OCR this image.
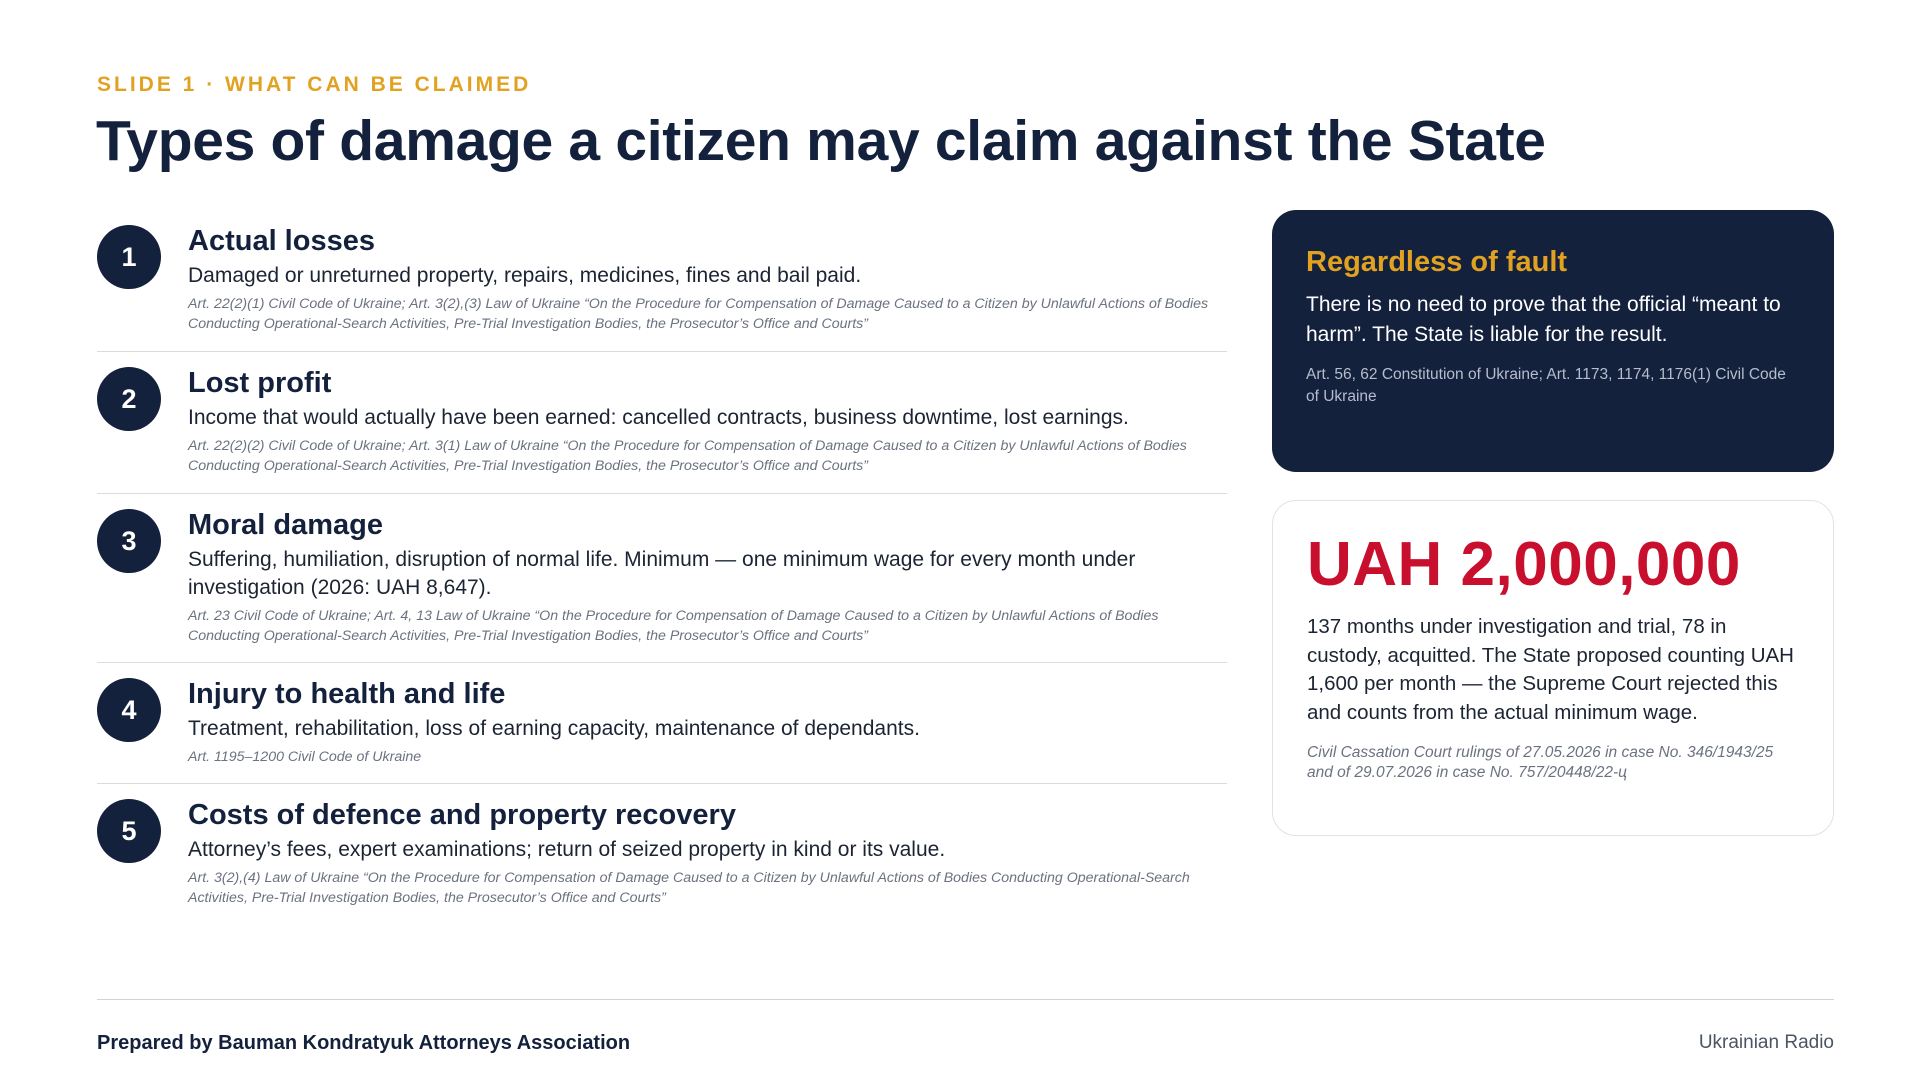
SLIDE 1 · WHAT CAN BE CLAIMED
Types of damage a citizen may claim against the State
1	Actual losses
Damaged or unreturned property, repairs, medicines, fines and bail paid.
Art. 22(2)(1) Civil Code of Ukraine; Art. 3(2),(3) Law of Ukraine “On the Procedure for Compensation of Damage Caused to a Citizen by Unlawful Actions of Bodies Conducting Operational-Search Activities, Pre-Trial Investigation Bodies, the Prosecutor’s Office and Courts”
2	Lost profit
Income that would actually have been earned: cancelled contracts, business downtime, lost earnings.
Art. 22(2)(2) Civil Code of Ukraine; Art. 3(1) Law of Ukraine “On the Procedure for Compensation of Damage Caused to a Citizen by Unlawful Actions of Bodies Conducting Operational-Search Activities, Pre-Trial Investigation Bodies, the Prosecutor’s Office and Courts”
3	Moral damage
Suffering, humiliation, disruption of normal life. Minimum — one minimum wage for every month under investigation (2026: UAH 8,647).
Art. 23 Civil Code of Ukraine; Art. 4, 13 Law of Ukraine “On the Procedure for Compensation of Damage Caused to a Citizen by Unlawful Actions of Bodies Conducting Operational-Search Activities, Pre-Trial Investigation Bodies, the Prosecutor’s Office and Courts”
4	Injury to health and life
Treatment, rehabilitation, loss of earning capacity, maintenance of dependants.
Art. 1195–1200 Civil Code of Ukraine
5	Costs of defence and property recovery
Attorney’s fees, expert examinations; return of seized property in kind or its value.
Art. 3(2),(4) Law of Ukraine “On the Procedure for Compensation of Damage Caused to a Citizen by Unlawful Actions of Bodies Conducting Operational-Search Activities, Pre-Trial Investigation Bodies, the Prosecutor’s Office and Courts”
Regardless of fault
There is no need to prove that the official “meant to harm”. The State is liable for the result.
Art. 56, 62 Constitution of Ukraine; Art. 1173, 1174, 1176(1) Civil Code of Ukraine
UAH 2,000,000
137 months under investigation and trial, 78 in custody, acquitted. The State proposed counting UAH 1,600 per month — the Supreme Court rejected this and counts from the actual minimum wage.
Civil Cassation Court rulings of 27.05.2026 in case No. 346/1943/25 and of 29.07.2026 in case No. 757/20448/22-ц
Prepared by Bauman Kondratyuk Attorneys Association	Ukrainian Radio
